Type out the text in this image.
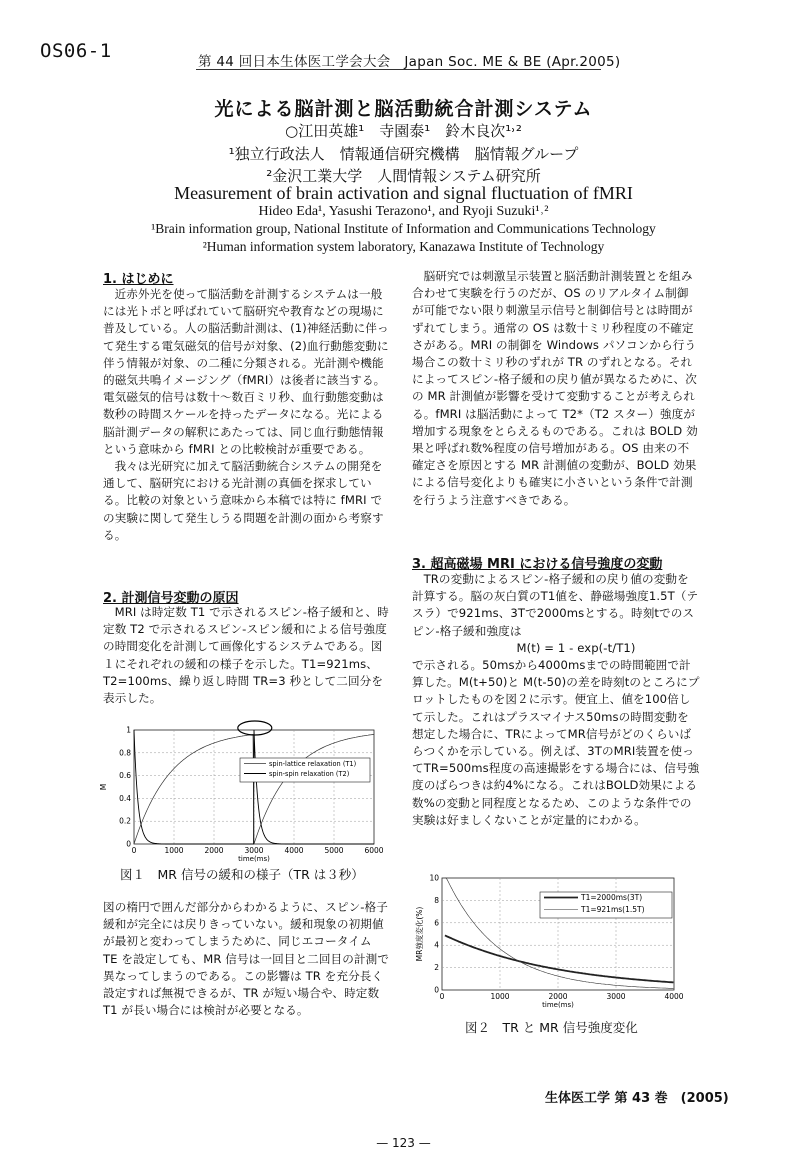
OS06-1	第 44 回日本生体医工学会大会　Japan Soc. ME & BE (Apr.2005)
光による脳計測と脳活動統合計測システム
○江田英雄¹　寺園泰¹　鈴木良次¹˒²
¹独立行政法人　情報通信研究機構　脳情報グループ
²金沢工業大学　人間情報システム研究所
Measurement of brain activation and signal fluctuation of fMRI
Hideo Eda¹, Yasushi Terazono¹, and Ryoji Suzuki¹˒²
¹Brain information group, National Institute of Information and Communications Technology
²Human information system laboratory, Kanazawa Institute of Technology
1. はじめに

近赤外光を使って脳活動を計測するシステムは一般には光トポと呼ばれていて脳研究や教育などの現場に普及している。人の脳活動計測は、(1)神経活動に伴って発生する電気磁気的信号が対象、(2)血行動態変動に伴う情報が対象、の二種に分類される。光計測や機能的磁気共鳴イメージング（fMRI）は後者に該当する。電気磁気的信号は数十～数百ミリ秒、血行動態変動は数秒の時間スケールを持ったデータになる。光による脳計測データの解釈にあたっては、同じ血行動態情報という意味から fMRI との比較検討が重要である。

我々は光研究に加えて脳活動統合システムの開発を通して、脳研究における光計測の真価を探求している。比較の対象という意味から本稿では特に fMRI での実験に関して発生しうる問題を計測の面から考察する。

2. 計測信号変動の原因

MRI は時定数 T1 で示されるスピン-格子緩和と、時定数 T2 で示されるスピン-スピン緩和による信号強度の時間変化を計測して画像化するシステムである。図１にそれぞれの緩和の様子を示した。T1=921ms、T2=100ms、繰り返し時間 TR=3 秒として二回分を表示した。

0	1000	2000	3000	4000	5000	6000
0
0.2
0.4
0.6
0.8
1
time(ms)
M
spin-lattice relaxation (T1)
spin-spin relaxation (T2)
図１　MR 信号の緩和の様子（TR は３秒）

図の楕円で囲んだ部分からわかるように、スピン-格子緩和が完全には戻りきっていない。緩和現象の初期値が最初と変わってしまうために、同じエコータイム TE を設定しても、MR 信号は一回目と二回目の計測で異なってしまうのである。この影響は TR を充分長く設定すれば無視できるが、TR が短い場合や、時定数 T1 が長い場合には検討が必要となる。

脳研究では刺激呈示装置と脳活動計測装置とを組み合わせて実験を行うのだが、OS のリアルタイム制御が可能でない限り刺激呈示信号と制御信号とは時間がずれてしまう。通常の OS は数十ミリ秒程度の不確定さがある。MRI の制御を Windows パソコンから行う場合この数十ミリ秒のずれが TR のずれとなる。それによってスピン-格子緩和の戻り値が異なるために、次の MR 計測値が影響を受けて変動することが考えられる。fMRI は脳活動によって T2*（T2 スター）強度が増加する現象をとらえるものである。これは BOLD 効果と呼ばれ数%程度の信号増加がある。OS 由来の不確定さを原因とする MR 計測値の変動が、BOLD 効果による信号変化よりも確実に小さいという条件で計測を行うよう注意すべきである。

3. 超高磁場 MRI における信号強度の変動

TRの変動によるスピン-格子緩和の戻り値の変動を計算する。脳の灰白質のT1値を、静磁場強度1.5T（テスラ）で921ms、3Tで2000msとする。時刻tでのスピン-格子緩和強度は

M(t) = 1 - exp(-t/T1)

で示される。50msから4000msまでの時間範囲で計算した。M(t+50)と M(t-50)の差を時刻tのところにプロットしたものを図２に示す。便宜上、値を100倍して示した。これはプラスマイナス50msの時間変動を想定した場合に、TRによってMR信号がどのくらいばらつくかを示している。例えば、3TのMRI装置を使ってTR=500ms程度の高速撮影をする場合には、信号強度のばらつきは約4%になる。これはBOLD効果による数%の変動と同程度となるため、このような条件での実験は好ましくないことが定量的にわかる。

0	1000	2000	3000	4000
0
2
4
6
8
10
time(ms)
MR強度変化(%)
T1=2000ms(3T)
T1=921ms(1.5T)
図２　TR と MR 信号強度変化
生体医工学 第 43 巻　(2005)
— 123 —
